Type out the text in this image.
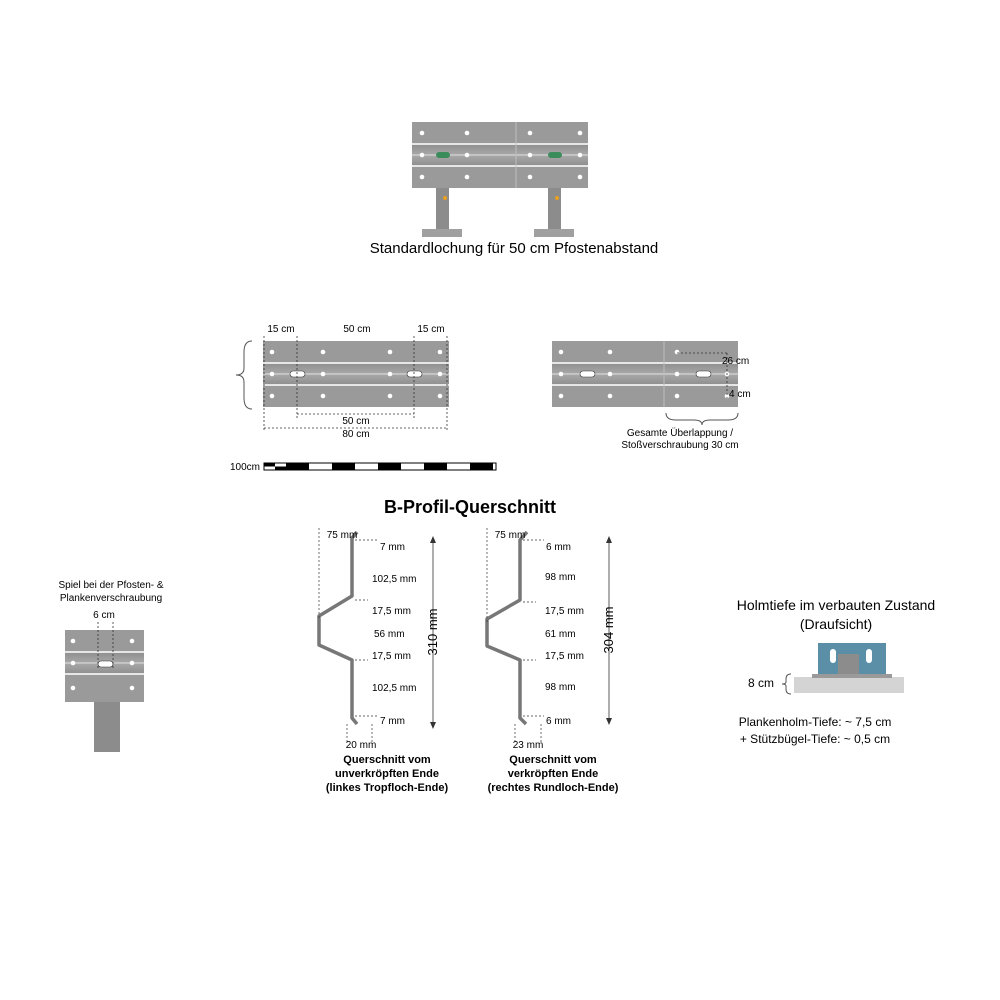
Standardlochung für 50 cm Pfostenabstand
15 cm	50 cm	15 cm
50 cm
80 cm
100cm
26 cm
4 cm
Gesamte Überlappung /
Stoßverschraubung 30 cm
B-Profil-Querschnitt
Spiel bei der Pfosten- &
Plankenverschraubung
6 cm
75 mm
7 mm
102,5 mm
17,5 mm
56 mm
17,5 mm
102,5 mm
7 mm
20 mm
310 mm
Querschnitt vom
unverkröpften Ende
(linkes Tropfloch-Ende)
75 mm
6 mm
98 mm
17,5 mm
61 mm
17,5 mm
98 mm
6 mm
23 mm
304 mm
Querschnitt vom
verkröpften Ende
(rechtes Rundloch-Ende)
Holmtiefe im verbauten Zustand
(Draufsicht)
8 cm
Plankenholm-Tiefe: ~ 7,5 cm
+ Stützbügel-Tiefe: ~ 0,5 cm
